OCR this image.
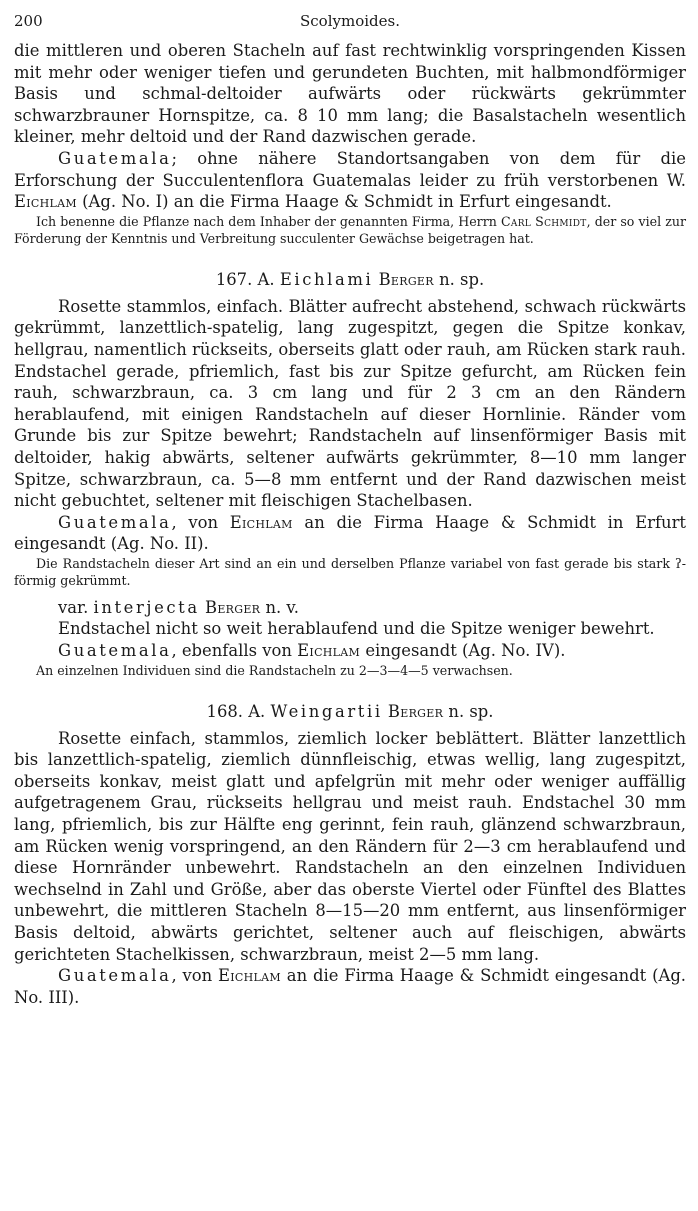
200	Scolymoides.

die mittleren und oberen Stacheln auf fast rechtwinklig vorspringenden Kissen mit mehr oder weniger tiefen und gerundeten Buchten, mit halbmondförmiger Basis und schmal-deltoider aufwärts oder rückwärts gekrümmter schwarzbrauner Hornspitze, ca. 8 10 mm lang; die Basalstacheln wesentlich kleiner, mehr deltoid und der Rand dazwischen gerade.

Guatemala; ohne nähere Standortsangaben von dem für die Erforschung der Succulentenflora Guatemalas leider zu früh verstorbenen W. Eichlam (Ag. No. I) an die Firma Haage & Schmidt in Erfurt eingesandt.

Ich benenne die Pflanze nach dem Inhaber der genannten Firma, Herrn Carl Schmidt, der so viel zur Förderung der Kenntnis und Verbreitung succulenter Gewächse beigetragen hat.

167. A. Eichlami Berger n. sp.

Rosette stammlos, einfach. Blätter aufrecht abstehend, schwach rückwärts gekrümmt, lanzettlich-spatelig, lang zugespitzt, gegen die Spitze konkav, hellgrau, namentlich rückseits, oberseits glatt oder rauh, am Rücken stark rauh. Endstachel gerade, pfriemlich, fast bis zur Spitze gefurcht, am Rücken fein rauh, schwarzbraun, ca. 3 cm lang und für 2 3 cm an den Rändern herablaufend, mit einigen Randstacheln auf dieser Hornlinie. Ränder vom Grunde bis zur Spitze bewehrt; Randstacheln auf linsenförmiger Basis mit deltoider, hakig abwärts, seltener aufwärts gekrümmter, 8—10 mm langer Spitze, schwarzbraun, ca. 5—8 mm entfernt und der Rand dazwischen meist nicht gebuchtet, seltener mit fleischigen Stachelbasen.

Guatemala, von Eichlam an die Firma Haage & Schmidt in Erfurt eingesandt (Ag. No. II).

Die Randstacheln dieser Art sind an ein und derselben Pflanze variabel von fast gerade bis stark ʔ-förmig gekrümmt.

var. interjecta Berger n. v.

Endstachel nicht so weit herablaufend und die Spitze weniger bewehrt.

Guatemala, ebenfalls von Eichlam eingesandt (Ag. No. IV).

An einzelnen Individuen sind die Randstacheln zu 2—3—4—5 verwachsen.

168. A. Weingartii Berger n. sp.

Rosette einfach, stammlos, ziemlich locker beblättert. Blätter lanzettlich bis lanzettlich-spatelig, ziemlich dünnfleischig, etwas wellig, lang zugespitzt, oberseits konkav, meist glatt und apfelgrün mit mehr oder weniger auffällig aufgetragenem Grau, rückseits hellgrau und meist rauh. Endstachel 30 mm lang, pfriemlich, bis zur Hälfte eng gerinnt, fein rauh, glänzend schwarzbraun, am Rücken wenig vorspringend, an den Rändern für 2—3 cm herablaufend und diese Hornränder unbewehrt. Randstacheln an den einzelnen Individuen wechselnd in Zahl und Größe, aber das oberste Viertel oder Fünftel des Blattes unbewehrt, die mittleren Stacheln 8—15—20 mm entfernt, aus linsenförmiger Basis deltoid, abwärts gerichtet, seltener auch auf fleischigen, abwärts gerichteten Stachelkissen, schwarzbraun, meist 2—5 mm lang.

Guatemala, von Eichlam an die Firma Haage & Schmidt eingesandt (Ag. No. III).
